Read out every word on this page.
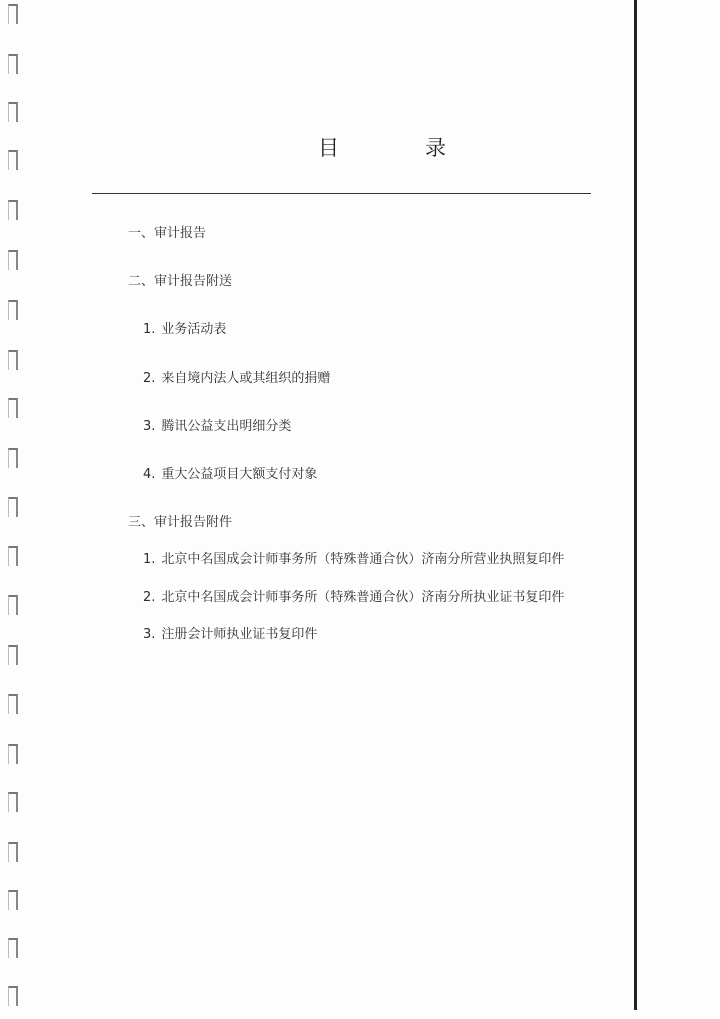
目	录
一、审计报告
二、审计报告附送
1. 业务活动表
2. 来自境内法人或其组织的捐赠
3. 腾讯公益支出明细分类
4. 重大公益项目大额支付对象
三、审计报告附件
1. 北京中名国成会计师事务所（特殊普通合伙）济南分所营业执照复印件
2. 北京中名国成会计师事务所（特殊普通合伙）济南分所执业证书复印件
3. 注册会计师执业证书复印件
